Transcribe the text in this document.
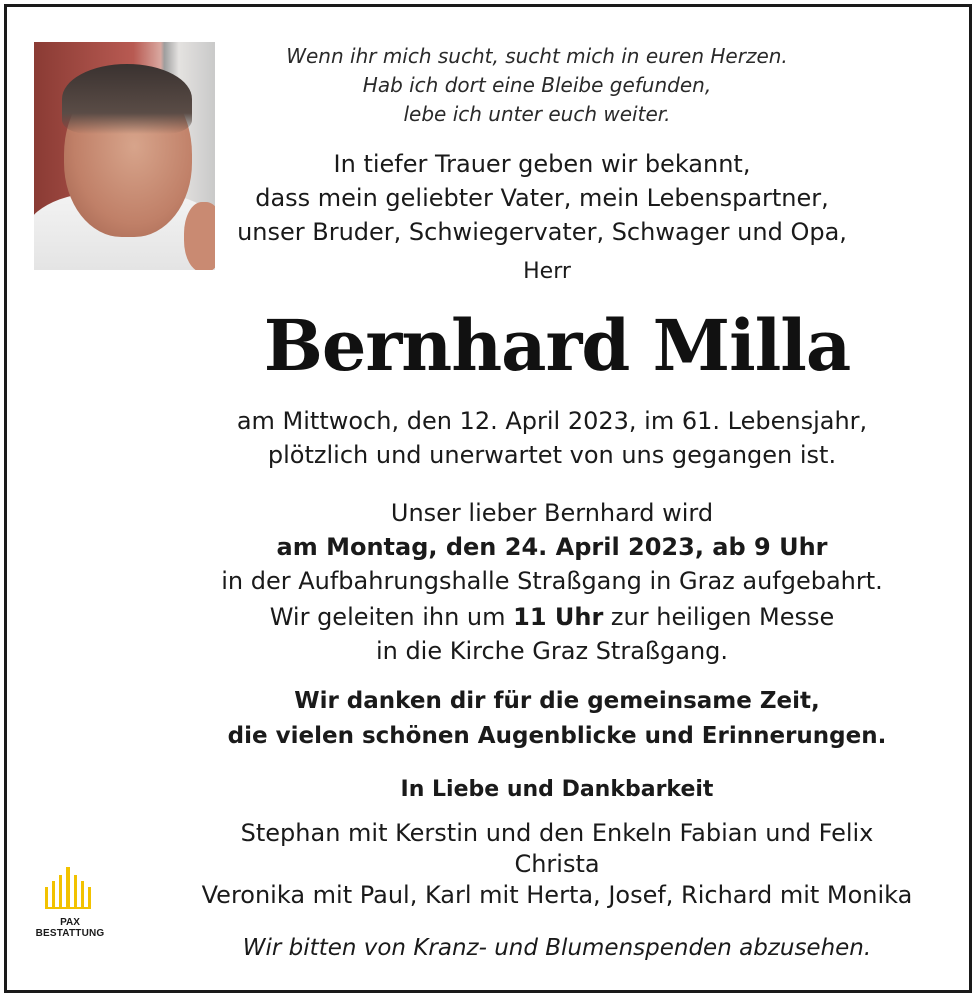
Wenn ihr mich sucht, sucht mich in euren Herzen.
Hab ich dort eine Bleibe gefunden,
lebe ich unter euch weiter.
In tiefer Trauer geben wir bekannt,
dass mein geliebter Vater, mein Lebenspartner,
unser Bruder, Schwiegervater, Schwager und Opa,
Herr
Bernhard Milla
am Mittwoch, den 12. April 2023, im 61. Lebensjahr,
plötzlich und unerwartet von uns gegangen ist.
Unser lieber Bernhard wird
am Montag, den 24. April 2023, ab 9 Uhr
in der Aufbahrungshalle Straßgang in Graz aufgebahrt.
Wir geleiten ihn um 11 Uhr zur heiligen Messe
in die Kirche Graz Straßgang.
Wir danken dir für die gemeinsame Zeit,
die vielen schönen Augenblicke und Erinnerungen.
In Liebe und Dankbarkeit
Stephan mit Kerstin und den Enkeln Fabian und Felix
Christa
Veronika mit Paul, Karl mit Herta, Josef, Richard mit Monika
Wir bitten von Kranz- und Blumenspenden abzusehen.
PAX
BESTATTUNG
